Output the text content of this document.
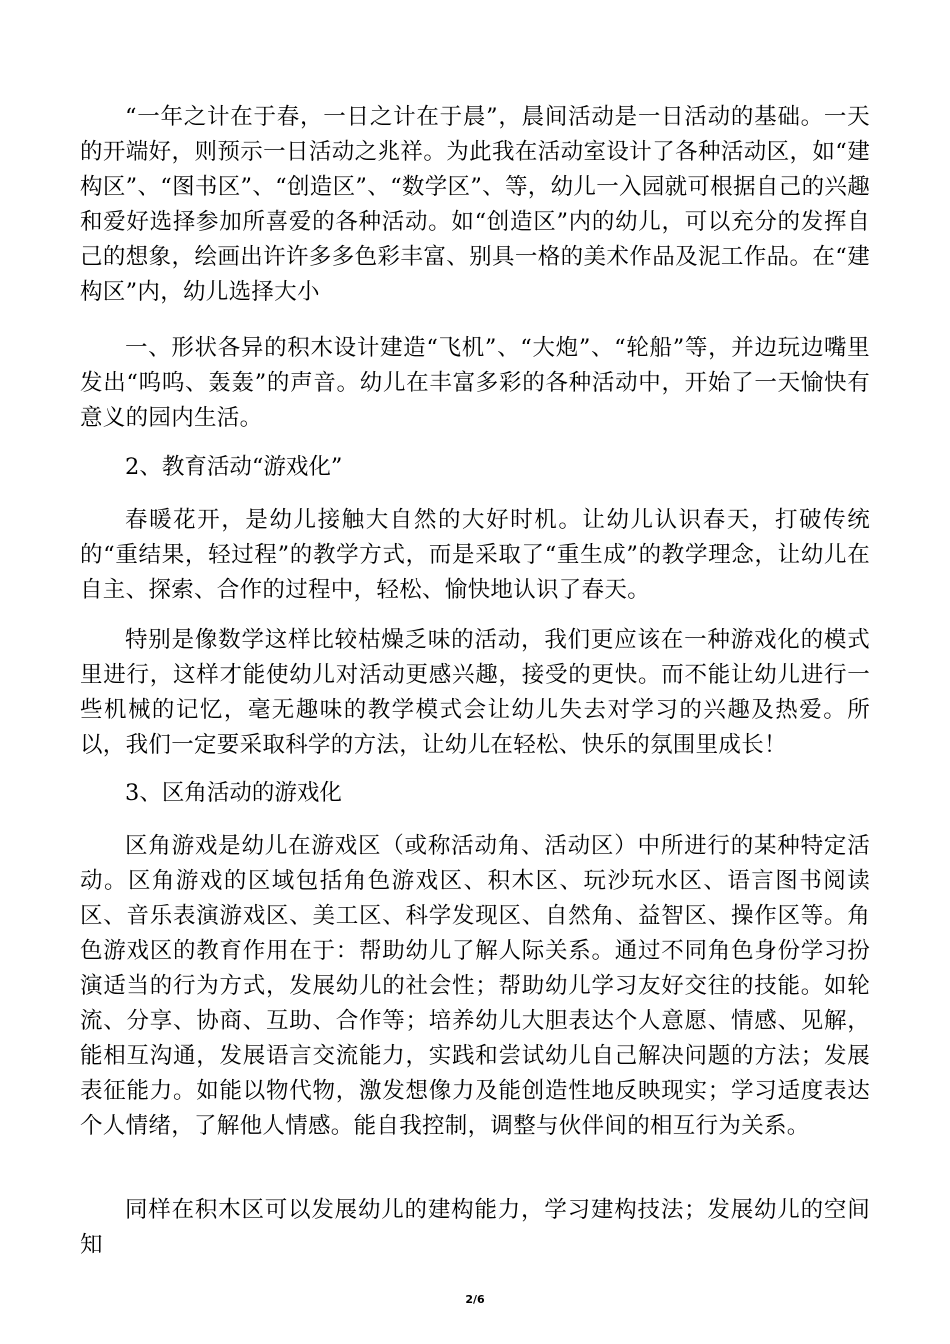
“一年之计在于春，一日之计在于晨”，晨间活动是一日活动的基础。一天的开端好，则预示一日活动之兆祥。为此我在活动室设计了各种活动区，如“建构区”、“图书区”、“创造区”、“数学区”、等，幼儿一入园就可根据自己的兴趣和爱好选择参加所喜爱的各种活动。如“创造区”内的幼儿，可以充分的发挥自己的想象，绘画出许许多多色彩丰富、别具一格的美术作品及泥工作品。在“建构区”内，幼儿选择大小

一、形状各异的积木设计建造“飞机”、“大炮”、“轮船”等，并边玩边嘴里发出“呜呜、轰轰”的声音。幼儿在丰富多彩的各种活动中，开始了一天愉快有意义的园内生活。

2、教育活动“游戏化”

春暖花开，是幼儿接触大自然的大好时机。让幼儿认识春天，打破传统的“重结果，轻过程”的教学方式，而是采取了“重生成”的教学理念，让幼儿在自主、探索、合作的过程中，轻松、愉快地认识了春天。

特别是像数学这样比较枯燥乏味的活动，我们更应该在一种游戏化的模式里进行，这样才能使幼儿对活动更感兴趣，接受的更快。而不能让幼儿进行一些机械的记忆，毫无趣味的教学模式会让幼儿失去对学习的兴趣及热爱。所以，我们一定要采取科学的方法，让幼儿在轻松、快乐的氛围里成长！

3、区角活动的游戏化

区角游戏是幼儿在游戏区（或称活动角、活动区）中所进行的某种特定活动。区角游戏的区域包括角色游戏区、积木区、玩沙玩水区、语言图书阅读区、音乐表演游戏区、美工区、科学发现区、自然角、益智区、操作区等。角色游戏区的教育作用在于：帮助幼儿了解人际关系。通过不同角色身份学习扮演适当的行为方式，发展幼儿的社会性；帮助幼儿学习友好交往的技能。如轮流、分享、协商、互助、合作等；培养幼儿大胆表达个人意愿、情感、见解，能相互沟通，发展语言交流能力，实践和尝试幼儿自己解决问题的方法；发展表征能力。如能以物代物，激发想像力及能创造性地反映现实；学习适度表达个人情绪，了解他人情感。能自我控制，调整与伙伴间的相互行为关系。

同样在积木区可以发展幼儿的建构能力，学习建构技法；发展幼儿的空间知

2/6
